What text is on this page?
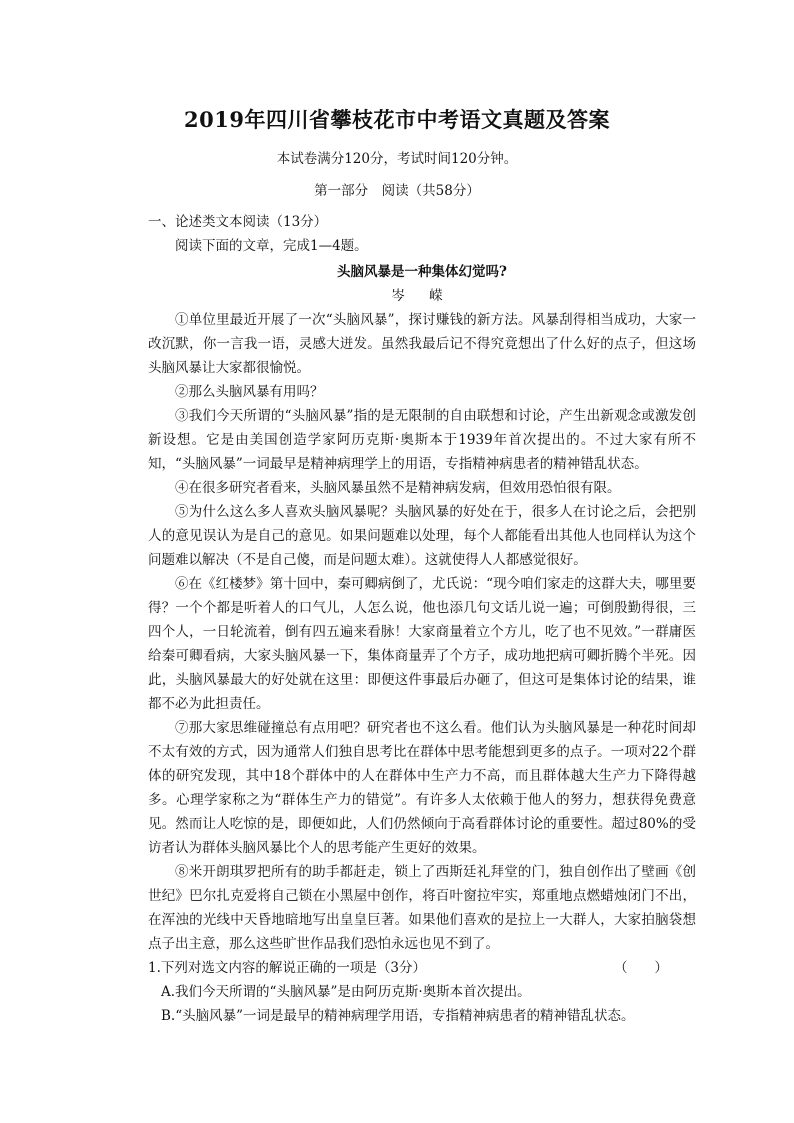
2019年四川省攀枝花市中考语文真题及答案
本试卷满分120分，考试时间120分钟。
第一部分　阅读（共58分）

一、论述类文本阅读（13分）

阅读下面的文章，完成1—4题。

头脑风暴是一种集体幻觉吗?

岑 嵘

①单位里最近开展了一次“头脑风暴”，探讨赚钱的新方法。风暴刮得相当成功，大家一改沉默，你一言我一语，灵感大迸发。虽然我最后记不得究竟想出了什么好的点子，但这场头脑风暴让大家都很愉悦。

②那么头脑风暴有用吗？

③我们今天所谓的“头脑风暴”指的是无限制的自由联想和讨论，产生出新观念或激发创新设想。它是由美国创造学家阿历克斯·奥斯本于1939年首次提出的。不过大家有所不知，“头脑风暴”一词最早是精神病理学上的用语，专指精神病患者的精神错乱状态。

④在很多研究者看来，头脑风暴虽然不是精神病发病，但效用恐怕很有限。

⑤为什么这么多人喜欢头脑风暴呢？头脑风暴的好处在于，很多人在讨论之后，会把别人的意见误认为是自己的意见。如果问题难以处理，每个人都能看出其他人也同样认为这个问题难以解决（不是自己傻，而是问题太难）。这就使得人人都感觉很好。

⑥在《红楼梦》第十回中，秦可卿病倒了，尤氏说：“现今咱们家走的这群大夫，哪里要得？一个个都是听着人的口气儿，人怎么说，他也添几句文话儿说一遍；可倒殷勤得很，三四个人，一日轮流着，倒有四五遍来看脉！大家商量着立个方儿，吃了也不见效。”一群庸医给秦可卿看病，大家头脑风暴一下，集体商量弄了个方子，成功地把病可卿折腾个半死。因此，头脑风暴最大的好处就在这里：即便这件事最后办砸了，但这可是集体讨论的结果，谁都不必为此担责任。

⑦那大家思维碰撞总有点用吧？研究者也不这么看。他们认为头脑风暴是一种花时间却不太有效的方式，因为通常人们独自思考比在群体中思考能想到更多的点子。一项对22个群体的研究发现，其中18个群体中的人在群体中生产力不高，而且群体越大生产力下降得越多。心理学家称之为“群体生产力的错觉”。有许多人太依赖于他人的努力，想获得免费意见。然而让人吃惊的是，即便如此，人们仍然倾向于高看群体讨论的重要性。超过80%的受访者认为群体头脑风暴比个人的思考能产生更好的效果。

⑧米开朗琪罗把所有的助手都赶走，锁上了西斯廷礼拜堂的门，独自创作出了壁画《创世纪》巴尔扎克爱将自己锁在小黑屋中创作，将百叶窗拉牢实，郑重地点燃蜡烛闭门不出，在浑浊的光线中天昏地暗地写出皇皇巨著。如果他们喜欢的是拉上一大群人，大家拍脑袋想点子出主意，那么这些旷世作品我们恐怕永远也见不到了。

1.下列对选文内容的解说正确的一项是（3分）	（　　）

A.我们今天所谓的“头脑风暴”是由阿历克斯·奥斯本首次提出。

B.“头脑风暴”一词是最早的精神病理学用语，专指精神病患者的精神错乱状态。
